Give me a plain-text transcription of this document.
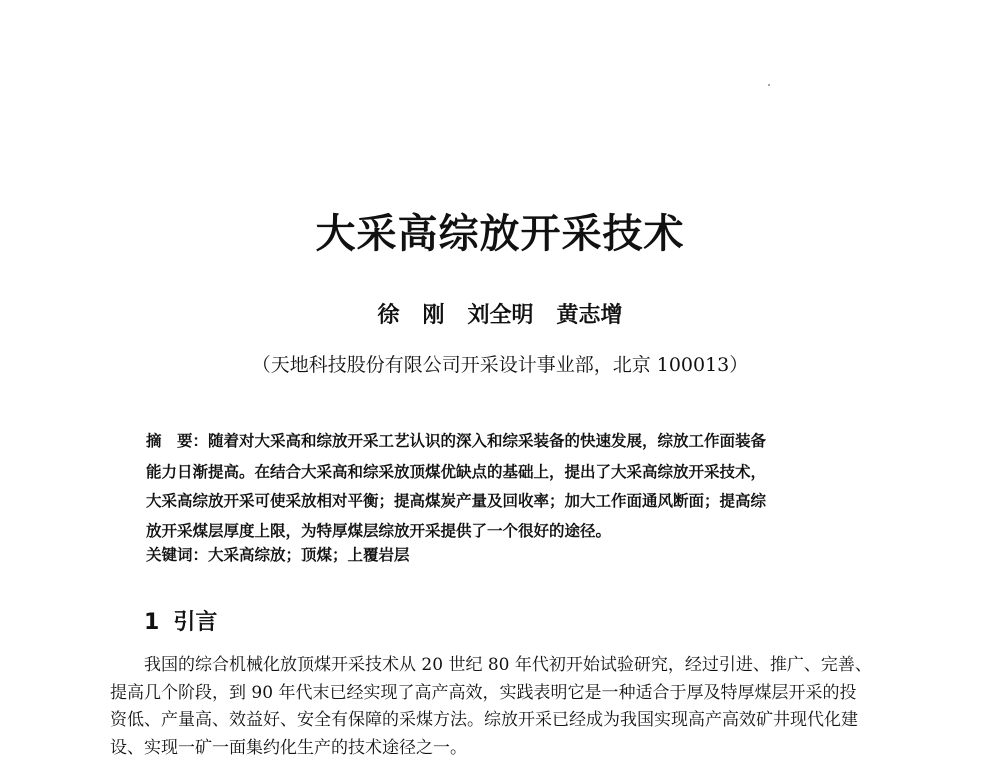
大采高综放开采技术
徐   刚   刘全明   黄志增
（天地科技股份有限公司开采设计事业部，北京 100013）
摘　要：随着对大采高和综放开采工艺认识的深入和综采装备的快速发展，综放工作面装备
能力日渐提高。在结合大采高和综采放顶煤优缺点的基础上，提出了大采高综放开采技术，
大采高综放开采可使采放相对平衡；提高煤炭产量及回收率；加大工作面通风断面；提高综
放开采煤层厚度上限，为特厚煤层综放开采提供了一个很好的途径。
关键词：大采高综放；顶煤；上覆岩层
1 引言
我国的综合机械化放顶煤开采技术从 20 世纪 80 年代初开始试验研究，经过引进、推广、完善、
提高几个阶段，到 90 年代末已经实现了高产高效，实践表明它是一种适合于厚及特厚煤层开采的投
资低、产量高、效益好、安全有保障的采煤方法。综放开采已经成为我国实现高产高效矿井现代化建
设、实现一矿一面集约化生产的技术途径之一。
